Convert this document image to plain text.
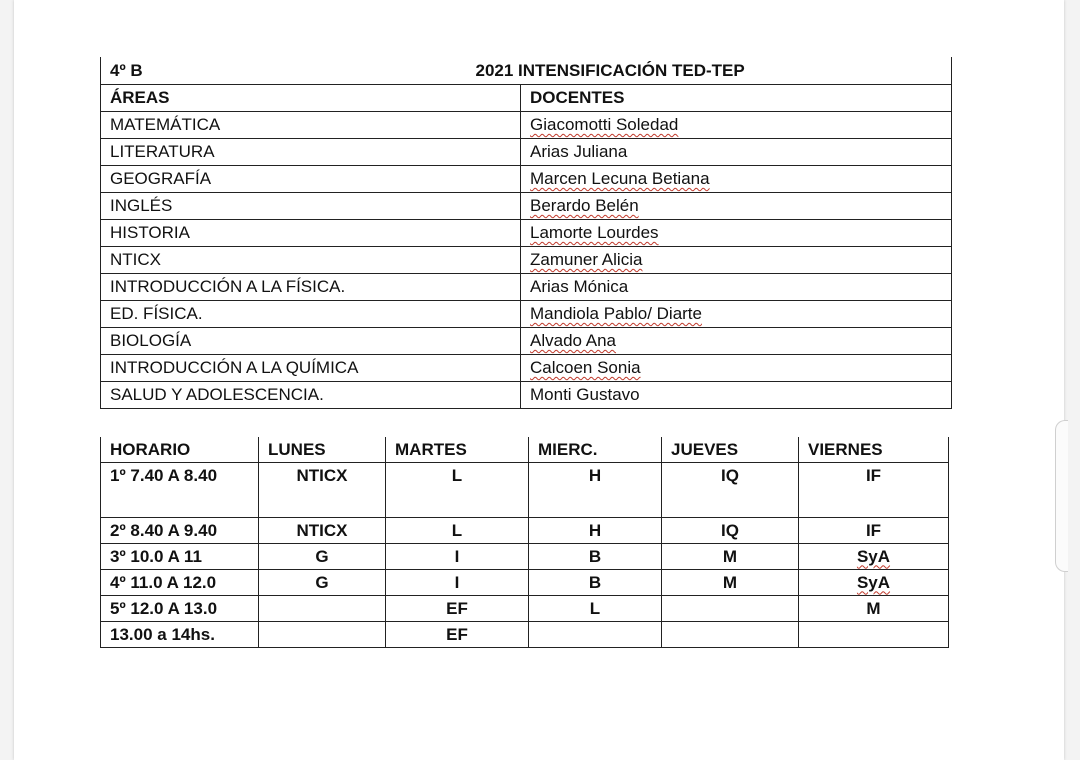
4º B	2021 INTENSIFICACIÓN TED-TEP
ÁREAS	DOCENTES
MATEMÁTICA	Giacomotti Soledad
LITERATURA	Arias Juliana
GEOGRAFÍA	Marcen Lecuna Betiana
INGLÉS	Berardo Belén
HISTORIA	Lamorte Lourdes
NTICX	Zamuner Alicia
INTRODUCCIÓN A LA FÍSICA.	Arias Mónica
ED. FÍSICA.	Mandiola Pablo/ Diarte
BIOLOGÍA	Alvado Ana
INTRODUCCIÓN A LA QUÍMICA	Calcoen Sonia
SALUD Y ADOLESCENCIA.	Monti Gustavo
HORARIO	LUNES	MARTES	MIERC.	JUEVES	VIERNES
1º 7.40 A 8.40	NTICX	L	H	IQ	IF
2º 8.40 A 9.40	NTICX	L	H	IQ	IF
3º 10.0 A 11	G	I	B	M	SyA
4º 11.0 A 12.0	G	I	B	M	SyA
5º 12.0 A 13.0		EF	L		M
13.00 a 14hs.		EF			
